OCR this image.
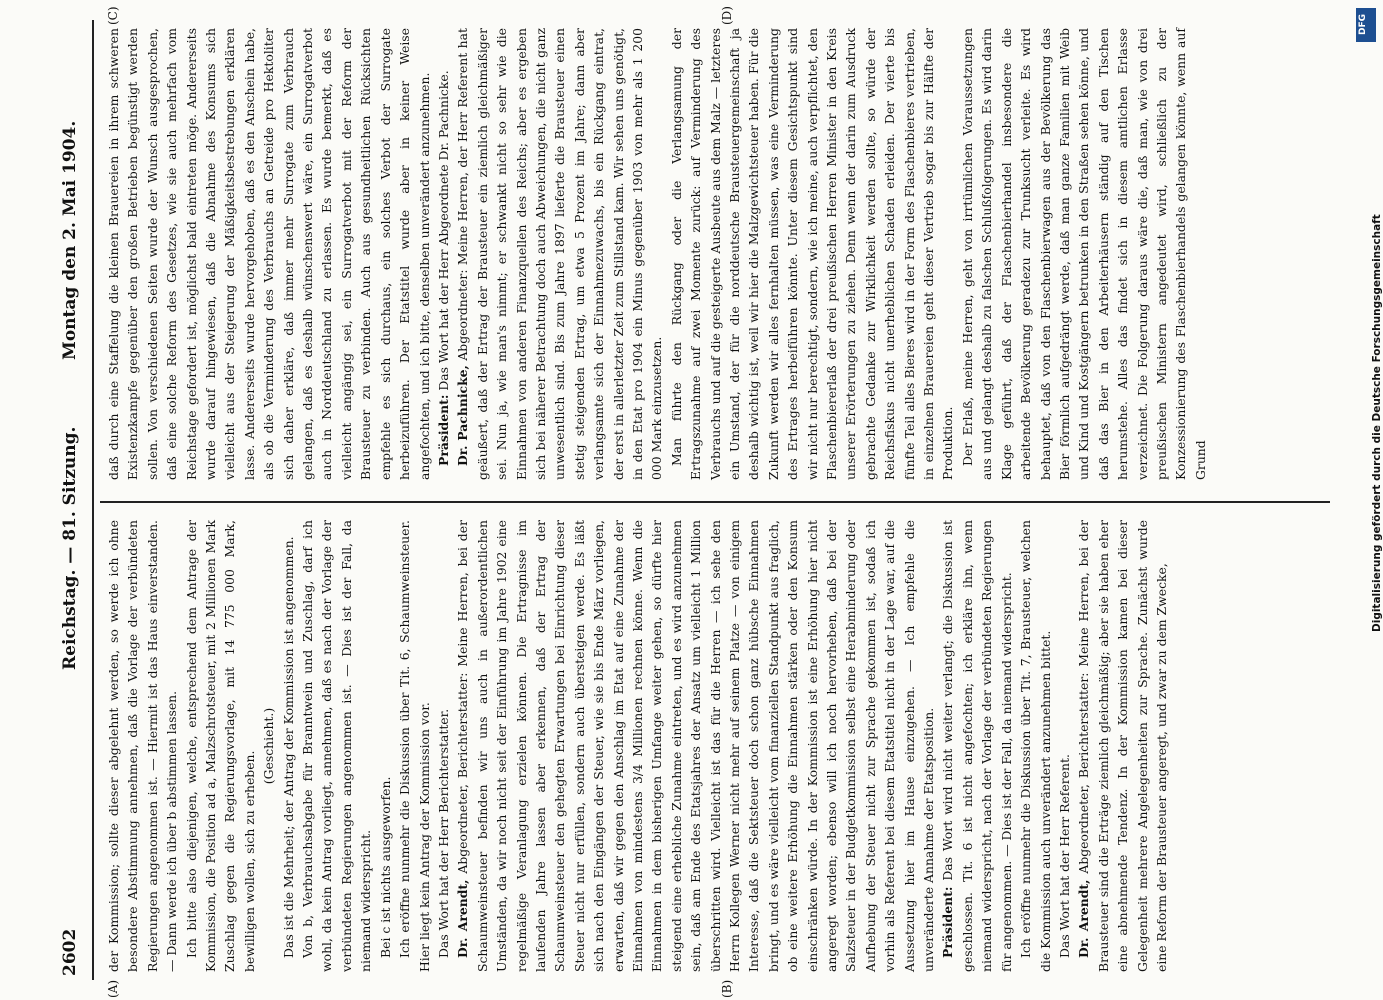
2602
Reichstag. — 81. Sitzung.
Montag den 2. Mai 1904.
(A)	(B)
(C)	(D)

der Kommission; sollte dieser abgelehnt werden, so werde ich ohne besondere Abstimmung annehmen, daß die Vorlage der verbündeten Regierungen angenommen ist. — Hiermit ist das Haus einverstanden. — Dann werde ich über b abstimmen lassen. Ich bitte also diejenigen, welche, entsprechend dem Antrage der Kommission, die Position ad a, Malzschrotsteuer, mit 2 Millionen Mark Zuschlag gegen die Regierungsvorlage, mit 14 775 000 Mark, bewilligen wollen, sich zu erheben.

(Geschieht.) Das ist die Mehrheit; der Antrag der Kommission ist angenommen. Von b, Verbrauchsabgabe für Branntwein und Zuschlag, darf ich wohl, da kein Antrag vorliegt, annehmen, daß es nach der Vorlage der verbündeten Regierungen angenommen ist. — Dies ist der Fall, da niemand widerspricht. Bei c ist nichts ausgeworfen. Ich eröffne nunmehr die Diskussion über Tit. 6, Schaumweinsteuer. Hier liegt kein Antrag der Kommission vor. Das Wort hat der Herr Berichterstatter. Dr. Arendt, Abgeordneter, Berichterstatter: Meine Herren, bei der Schaumweinsteuer befinden wir uns auch in außerordentlichen Umständen, da wir noch nicht seit der Einführung im Jahre 1902 eine regelmäßige Veranlagung erzielen können. Die Ertragnisse im laufenden Jahre lassen aber erkennen, daß der Ertrag der Schaumweinsteuer den gehegten Erwartungen bei Einrichtung dieser Steuer nicht nur erfüllen, sondern auch übersteigen werde. Es läßt sich nach den Eingängen der Steuer, wie sie bis Ende März vorliegen, erwarten, daß wir gegen den Anschlag im Etat auf eine Zunahme der Einnahmen von mindestens 3/4 Millionen rechnen könne. Wenn die Einnahmen in dem bisherigen Umfange weiter gehen, so dürfte hier steigend eine erhebliche Zunahme eintreten, und es wird anzunehmen sein, daß am Ende des Etatsjahres der Ansatz um vielleicht 1 Million überschritten wird. Vielleicht ist das für die Herren — ich sehe den Herrn Kollegen Werner nicht mehr auf seinem Platze — von einigem Interesse, daß die Sektsteuer doch schon ganz hübsche Einnahmen bringt, und es wäre vielleicht vom finanziellen Standpunkt aus fraglich, ob eine weitere Erhöhung die Einnahmen stärken oder den Konsum einschränken würde. In der Kommission ist eine Erhöhung hier nicht angeregt worden; ebenso will ich noch hervorheben, daß bei der Salzsteuer in der Budgetkommission selbst eine Herabminderung oder Aufhebung der Steuer nicht zur Sprache gekommen ist, sodaß ich vorhin als Referent bei diesem Etatstitel nicht in der Lage war, auf die Aussetzung hier im Hause einzugehen. — Ich empfehle die unveränderte Annahme der Etatsposition. Präsident: Das Wort wird nicht weiter verlangt; die Diskussion ist geschlossen. Tit. 6 ist nicht angefochten; ich erkläre ihn, wenn niemand widerspricht, nach der Vorlage der verbündeten Regierungen für angenommen. — Dies ist der Fall, da niemand widerspricht. Ich eröffne nunmehr die Diskussion über Tit. 7, Brausteuer, welchen die Kommission auch unverändert anzunehmen bittet. Das Wort hat der Herr Referent. Dr. Arendt, Abgeordneter, Berichterstatter: Meine Herren, bei der Brausteuer sind die Erträge ziemlich gleichmäßig; aber sie haben eher eine abnehmende Tendenz. In der Kommission kamen bei dieser Gelegenheit mehrere Angelegenheiten zur Sprache. Zunächst wurde eine Reform der Brausteuer angeregt, und zwar zu dem Zwecke,

daß durch eine Staffelung die kleinen Brauereien in ihrem schweren Existenzkampfe gegenüber den großen Betrieben begünstigt werden sollen. Von verschiedenen Seiten wurde der Wunsch ausgesprochen, daß eine solche Reform des Gesetzes, wie sie auch mehrfach vom Reichstage gefordert ist, möglichst bald eintreten möge. Andererseits wurde darauf hingewiesen, daß die Abnahme des Konsums sich vielleicht aus der Steigerung der Mäßigkeitsbestrebungen erklären lasse. Andererseits wurde hervorgehoben, daß es den Anschein habe, als ob die Verminderung des Verbrauchs an Getreide pro Hektoliter sich daher erkläre, daß immer mehr Surrogate zum Verbrauch gelangen, daß es deshalb wünschenswert wäre, ein Surrogatverbot auch in Norddeutschland zu erlassen. Es wurde bemerkt, daß es vielleicht angängig sei, ein Surrogatverbot mit der Reform der Brausteuer zu verbinden. Auch aus gesundheitlichen Rücksichten empfehle es sich durchaus, ein solches Verbot der Surrogate herbeizuführen. Der Etatstitel wurde aber in keiner Weise angefochten, und ich bitte, denselben unverändert anzunehmen. Präsident: Das Wort hat der Herr Abgeordnete Dr. Pachnicke.

Dr. Pachnicke, Abgeordneter: Meine Herren, der Herr Referent hat geäußert, daß der Ertrag der Brausteuer ein ziemlich gleichmäßiger sei. Nun ja, wie man's nimmt; er schwankt nicht so sehr wie die Einnahmen von anderen Finanzquellen des Reichs; aber es ergeben sich bei näherer Betrachtung doch auch Abweichungen, die nicht ganz unwesentlich sind. Bis zum Jahre 1897 lieferte die Brausteuer einen stetig steigenden Ertrag, um etwa 5 Prozent im Jahre; dann aber verlangsamte sich der Einnahmezuwachs, bis ein Rückgang eintrat, der erst in allerletzter Zeit zum Stillstand kam. Wir sehen uns genötigt, in den Etat pro 1904 ein Minus gegenüber 1903 von mehr als 1 200 000 Mark einzusetzen. Man führte den Rückgang oder die Verlangsamung der Ertragszunahme auf zwei Momente zurück: auf Verminderung des Verbrauchs und auf die gesteigerte Ausbeute aus dem Malz — letzteres ein Umstand, der für die norddeutsche Brausteuergemeinschaft ja deshalb wichtig ist, weil wir hier die Malzgewichtsteuer haben. Für die Zukunft werden wir alles fernhalten müssen, was eine Verminderung des Ertrages herbeiführen könnte. Unter diesem Gesichtspunkt sind wir nicht nur berechtigt, sondern, wie ich meine, auch verpflichtet, den Flaschenbiererlaß der drei preußischen Herren Minister in den Kreis unserer Erörterungen zu ziehen. Denn wenn der darin zum Ausdruck gebrachte Gedanke zur Wirklichkeit werden sollte, so würde der Reichsfiskus nicht unerheblichen Schaden erleiden. Der vierte bis fünfte Teil alles Bieres wird in der Form des Flaschenbieres vertrieben, in einzelnen Brauereien geht dieser Vertrieb sogar bis zur Hälfte der Produktion. Der Erlaß, meine Herren, geht von irrtümlichen Voraussetzungen aus und gelangt deshalb zu falschen Schlußfolgerungen. Es wird darin Klage geführt, daß der Flaschenbierhandel insbesondere die arbeitende Bevölkerung geradezu zur Trunksucht verleite. Es wird behauptet, daß von den Flaschenbierwagen aus der Bevölkerung das Bier förmlich aufgedrängt werde, daß man ganze Familien mit Weib und Kind und Kostgängern betrunken in den Straßen sehen könne, und daß das Bier in den Arbeiterhäusern ständig auf den Tischen herumstehe. Alles das findet sich in diesem amtlichen Erlasse verzeichnet. Die Folgerung daraus wäre die, daß man, wie von drei preußischen Ministern angedeutet wird, schließlich zu der Konzessionierung des Flaschenbierhandels gelangen könnte, wenn auf Grund

DFG
Digitalisierung gefördert durch die Deutsche Forschungsgemeinschaft
